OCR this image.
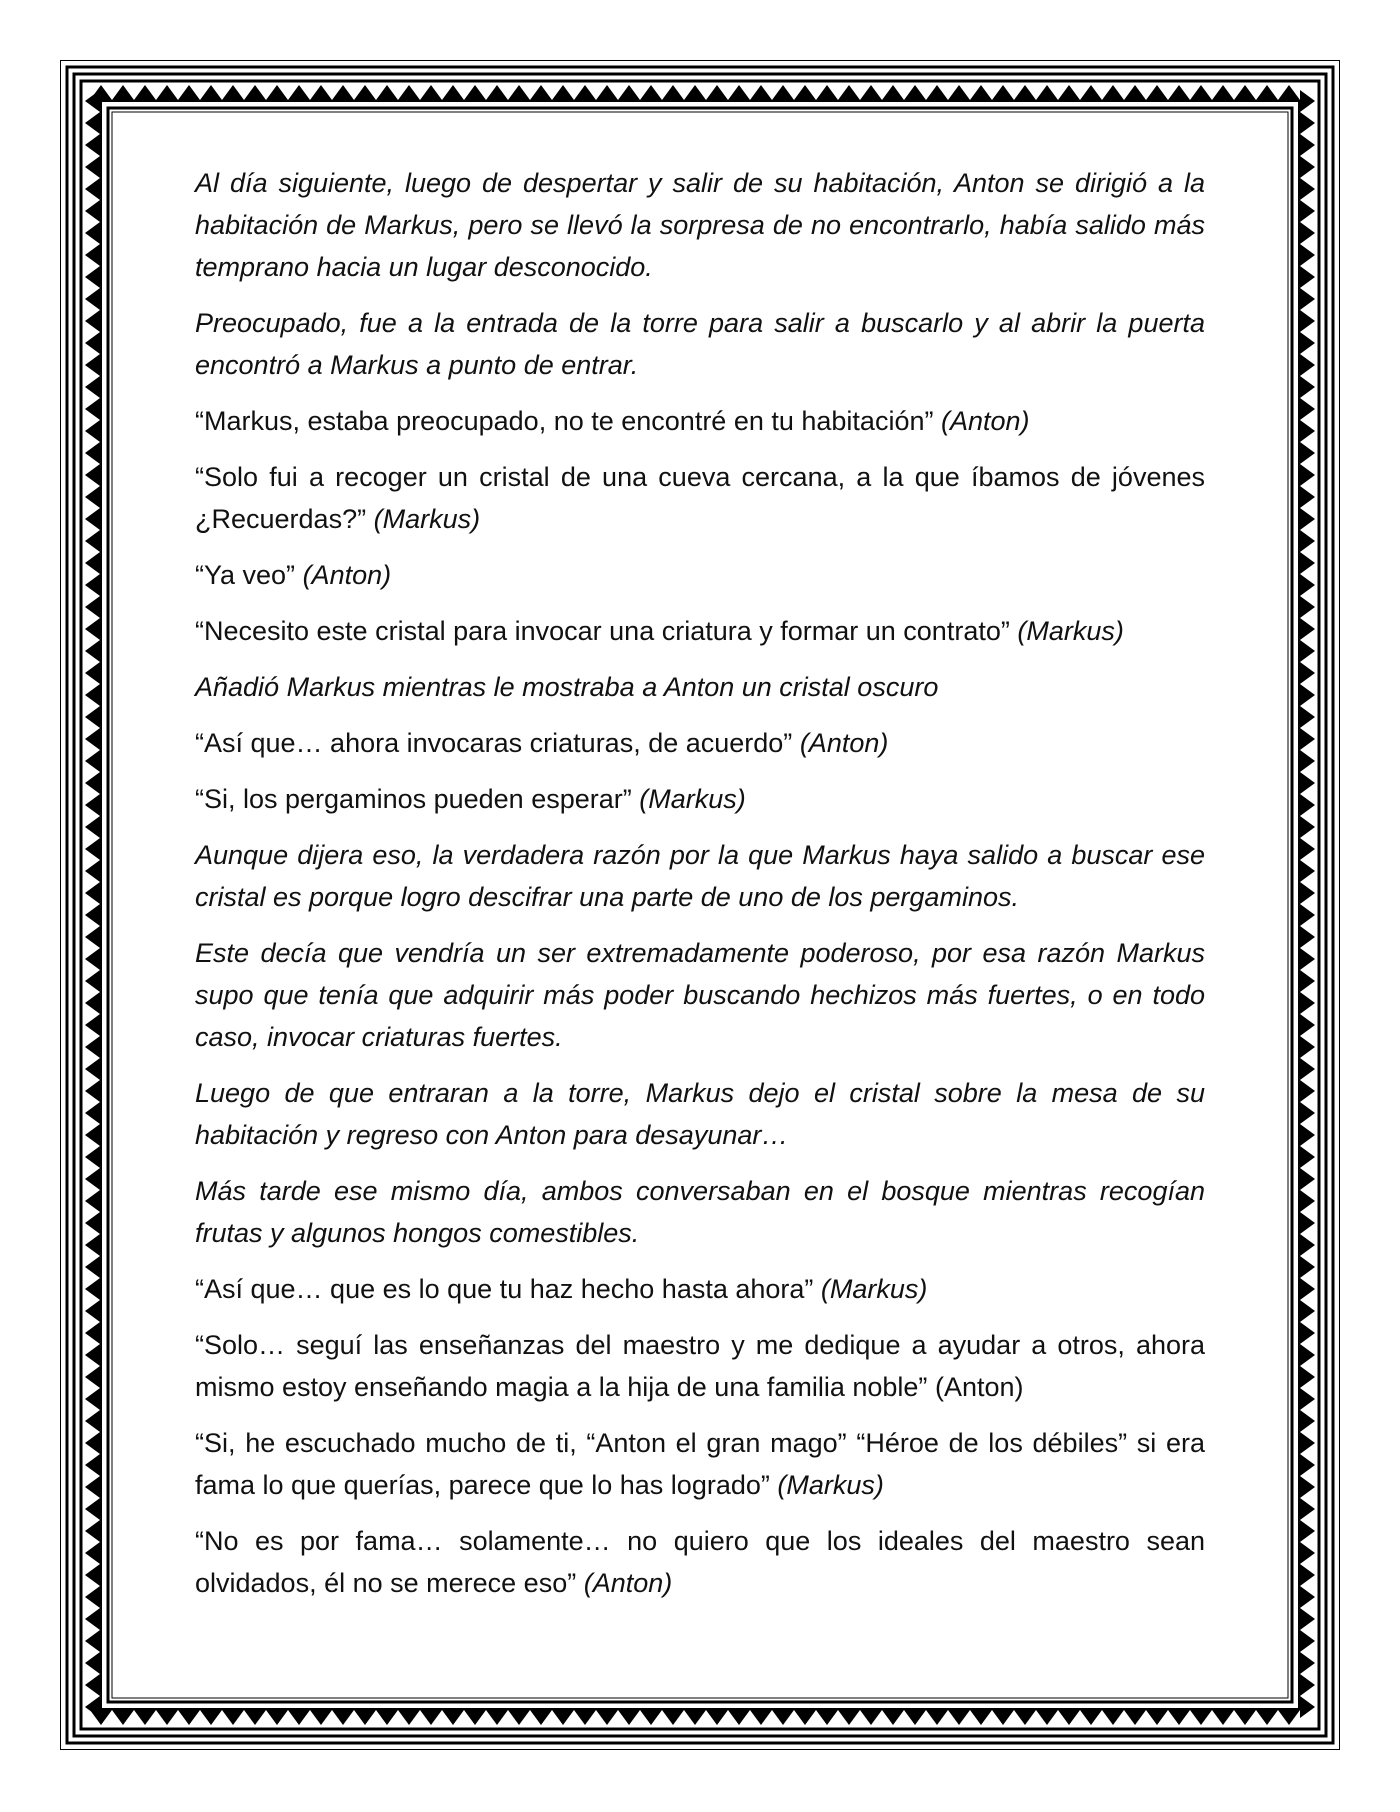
Al día siguiente, luego de despertar y salir de su habitación, Anton se dirigió a la habitación de Markus, pero se llevó la sorpresa de no encontrarlo, había salido más temprano hacia un lugar desconocido.

Preocupado, fue a la entrada de la torre para salir a buscarlo y al abrir la puerta encontró a Markus a punto de entrar.

“Markus, estaba preocupado, no te encontré en tu habitación” (Anton)

“Solo fui a recoger un cristal de una cueva cercana, a la que íbamos de jóvenes ¿Recuerdas?” (Markus)

“Ya veo” (Anton)

“Necesito este cristal para invocar una criatura y formar un contrato” (Markus)

Añadió Markus mientras le mostraba a Anton un cristal oscuro

“Así que… ahora invocaras criaturas, de acuerdo” (Anton)

“Si, los pergaminos pueden esperar” (Markus)

Aunque dijera eso, la verdadera razón por la que Markus haya salido a buscar ese cristal es porque logro descifrar una parte de uno de los pergaminos.

Este decía que vendría un ser extremadamente poderoso, por esa razón Markus supo que tenía que adquirir más poder buscando hechizos más fuertes, o en todo caso, invocar criaturas fuertes.

Luego de que entraran a la torre, Markus dejo el cristal sobre la mesa de su habitación y regreso con Anton para desayunar…

Más tarde ese mismo día, ambos conversaban en el bosque mientras recogían frutas y algunos hongos comestibles.

“Así que… que es lo que tu haz hecho hasta ahora” (Markus)

“Solo… seguí las enseñanzas del maestro y me dedique a ayudar a otros, ahora mismo estoy enseñando magia a la hija de una familia noble” (Anton)

“Si, he escuchado mucho de ti, “Anton el gran mago” “Héroe de los débiles” si era fama lo que querías, parece que lo has logrado” (Markus)

“No es por fama… solamente… no quiero que los ideales del maestro sean olvidados, él no se merece eso” (Anton)
